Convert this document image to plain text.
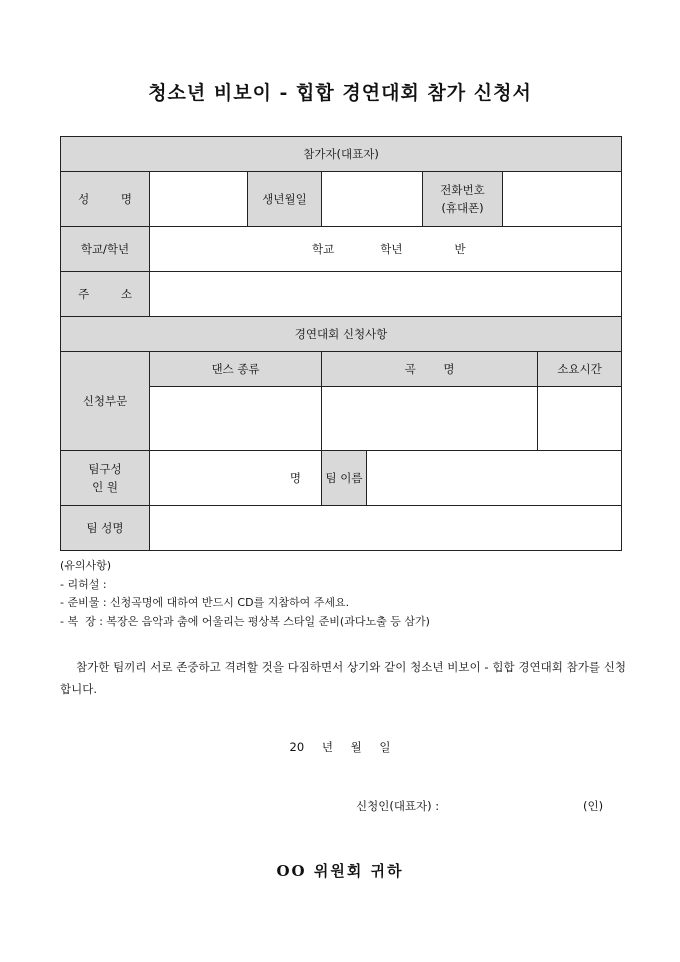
청소년 비보이 - 힙합 경연대회 참가 신청서
참가자(대표자)							
성 명		생년월일			전화번호
(휴대폰)		

학교/학년	학교 학년 반						
주 소							
경연대회 신청사항							
신청부문	댄스 종류		곡 명				소요시간

팀구성
인 원	명		팀 이름				
팀 성명							
(유의사항)
- 리허설 :
- 준비물 : 신청곡명에 대하여 반드시 CD를 지참하여 주세요.
- 복  장 : 복장은 음악과 춤에 어울리는 평상복 스타일 준비(과다노출 등 삼가)
참가한 팀끼리 서로 존중하고 격려할 것을 다짐하면서 상기와 같이 청소년 비보이 - 힙합 경연대회 참가를 신청합니다.
20 년 월 일
신청인(대표자) :	(인)
OO 위원회 귀하
